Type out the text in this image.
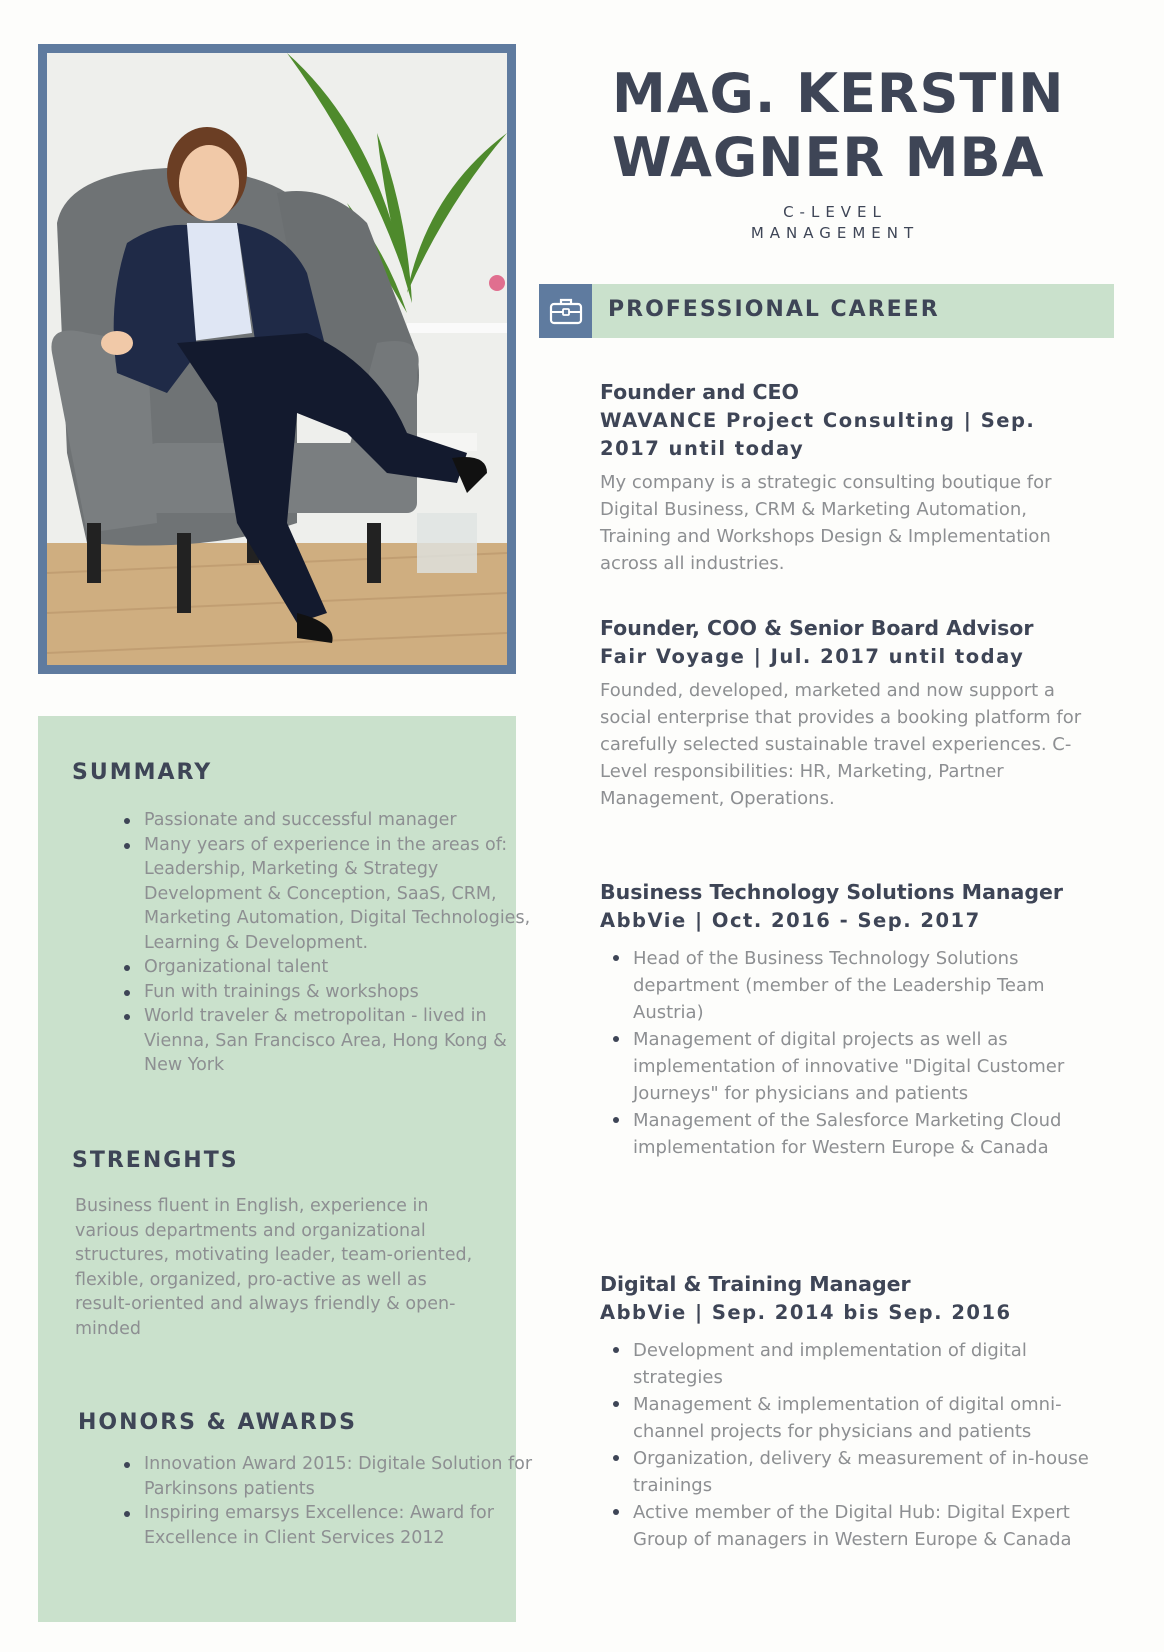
SUMMARY
Passionate and successful manager
Many years of experience in the areas of: Leadership, Marketing & Strategy Development & Conception, SaaS, CRM, Marketing Automation, Digital Technologies, Learning & Development.
Organizational talent
Fun with trainings & workshops
World traveler & metropolitan - lived in Vienna, San Francisco Area, Hong Kong & New York
STRENGHTS

Business fluent in English, experience in various departments and organizational structures, motivating leader, team-oriented, flexible, organized, pro-active as well as result-oriented and always friendly & open-minded

HONORS & AWARDS
Innovation Award 2015: Digitale Solution for Parkinsons patients
Inspiring emarsys Excellence: Award for Excellence in Client Services 2012
MAG. KERSTIN WAGNER MBA
C-LEVEL MANAGEMENT
PROFESSIONAL CAREER

Founder and CEO

WAVANCE Project Consulting | Sep. 2017 until today

My company is a strategic consulting boutique for Digital Business, CRM & Marketing Automation, Training and Workshops Design & Implementation across all industries.

Founder, COO & Senior Board Advisor

Fair Voyage | Jul. 2017 until today

Founded, developed, marketed and now support a social enterprise that provides a booking platform for carefully selected sustainable travel experiences. C-Level responsibilities: HR, Marketing, Partner Management, Operations.

Business Technology Solutions Manager

AbbVie | Oct. 2016 - Sep. 2017

Head of the Business Technology Solutions department (member of the Leadership Team Austria)
Management of digital projects as well as implementation of innovative "Digital Customer Journeys" for physicians and patients
Management of the Salesforce Marketing Cloud implementation for Western Europe & Canada

Digital & Training Manager

AbbVie | Sep. 2014 bis Sep. 2016

Development and implementation of digital strategies
Management & implementation of digital omni-channel projects for physicians and patients
Organization, delivery & measurement of in-house trainings
Active member of the Digital Hub: Digital Expert Group of managers in Western Europe & Canada
